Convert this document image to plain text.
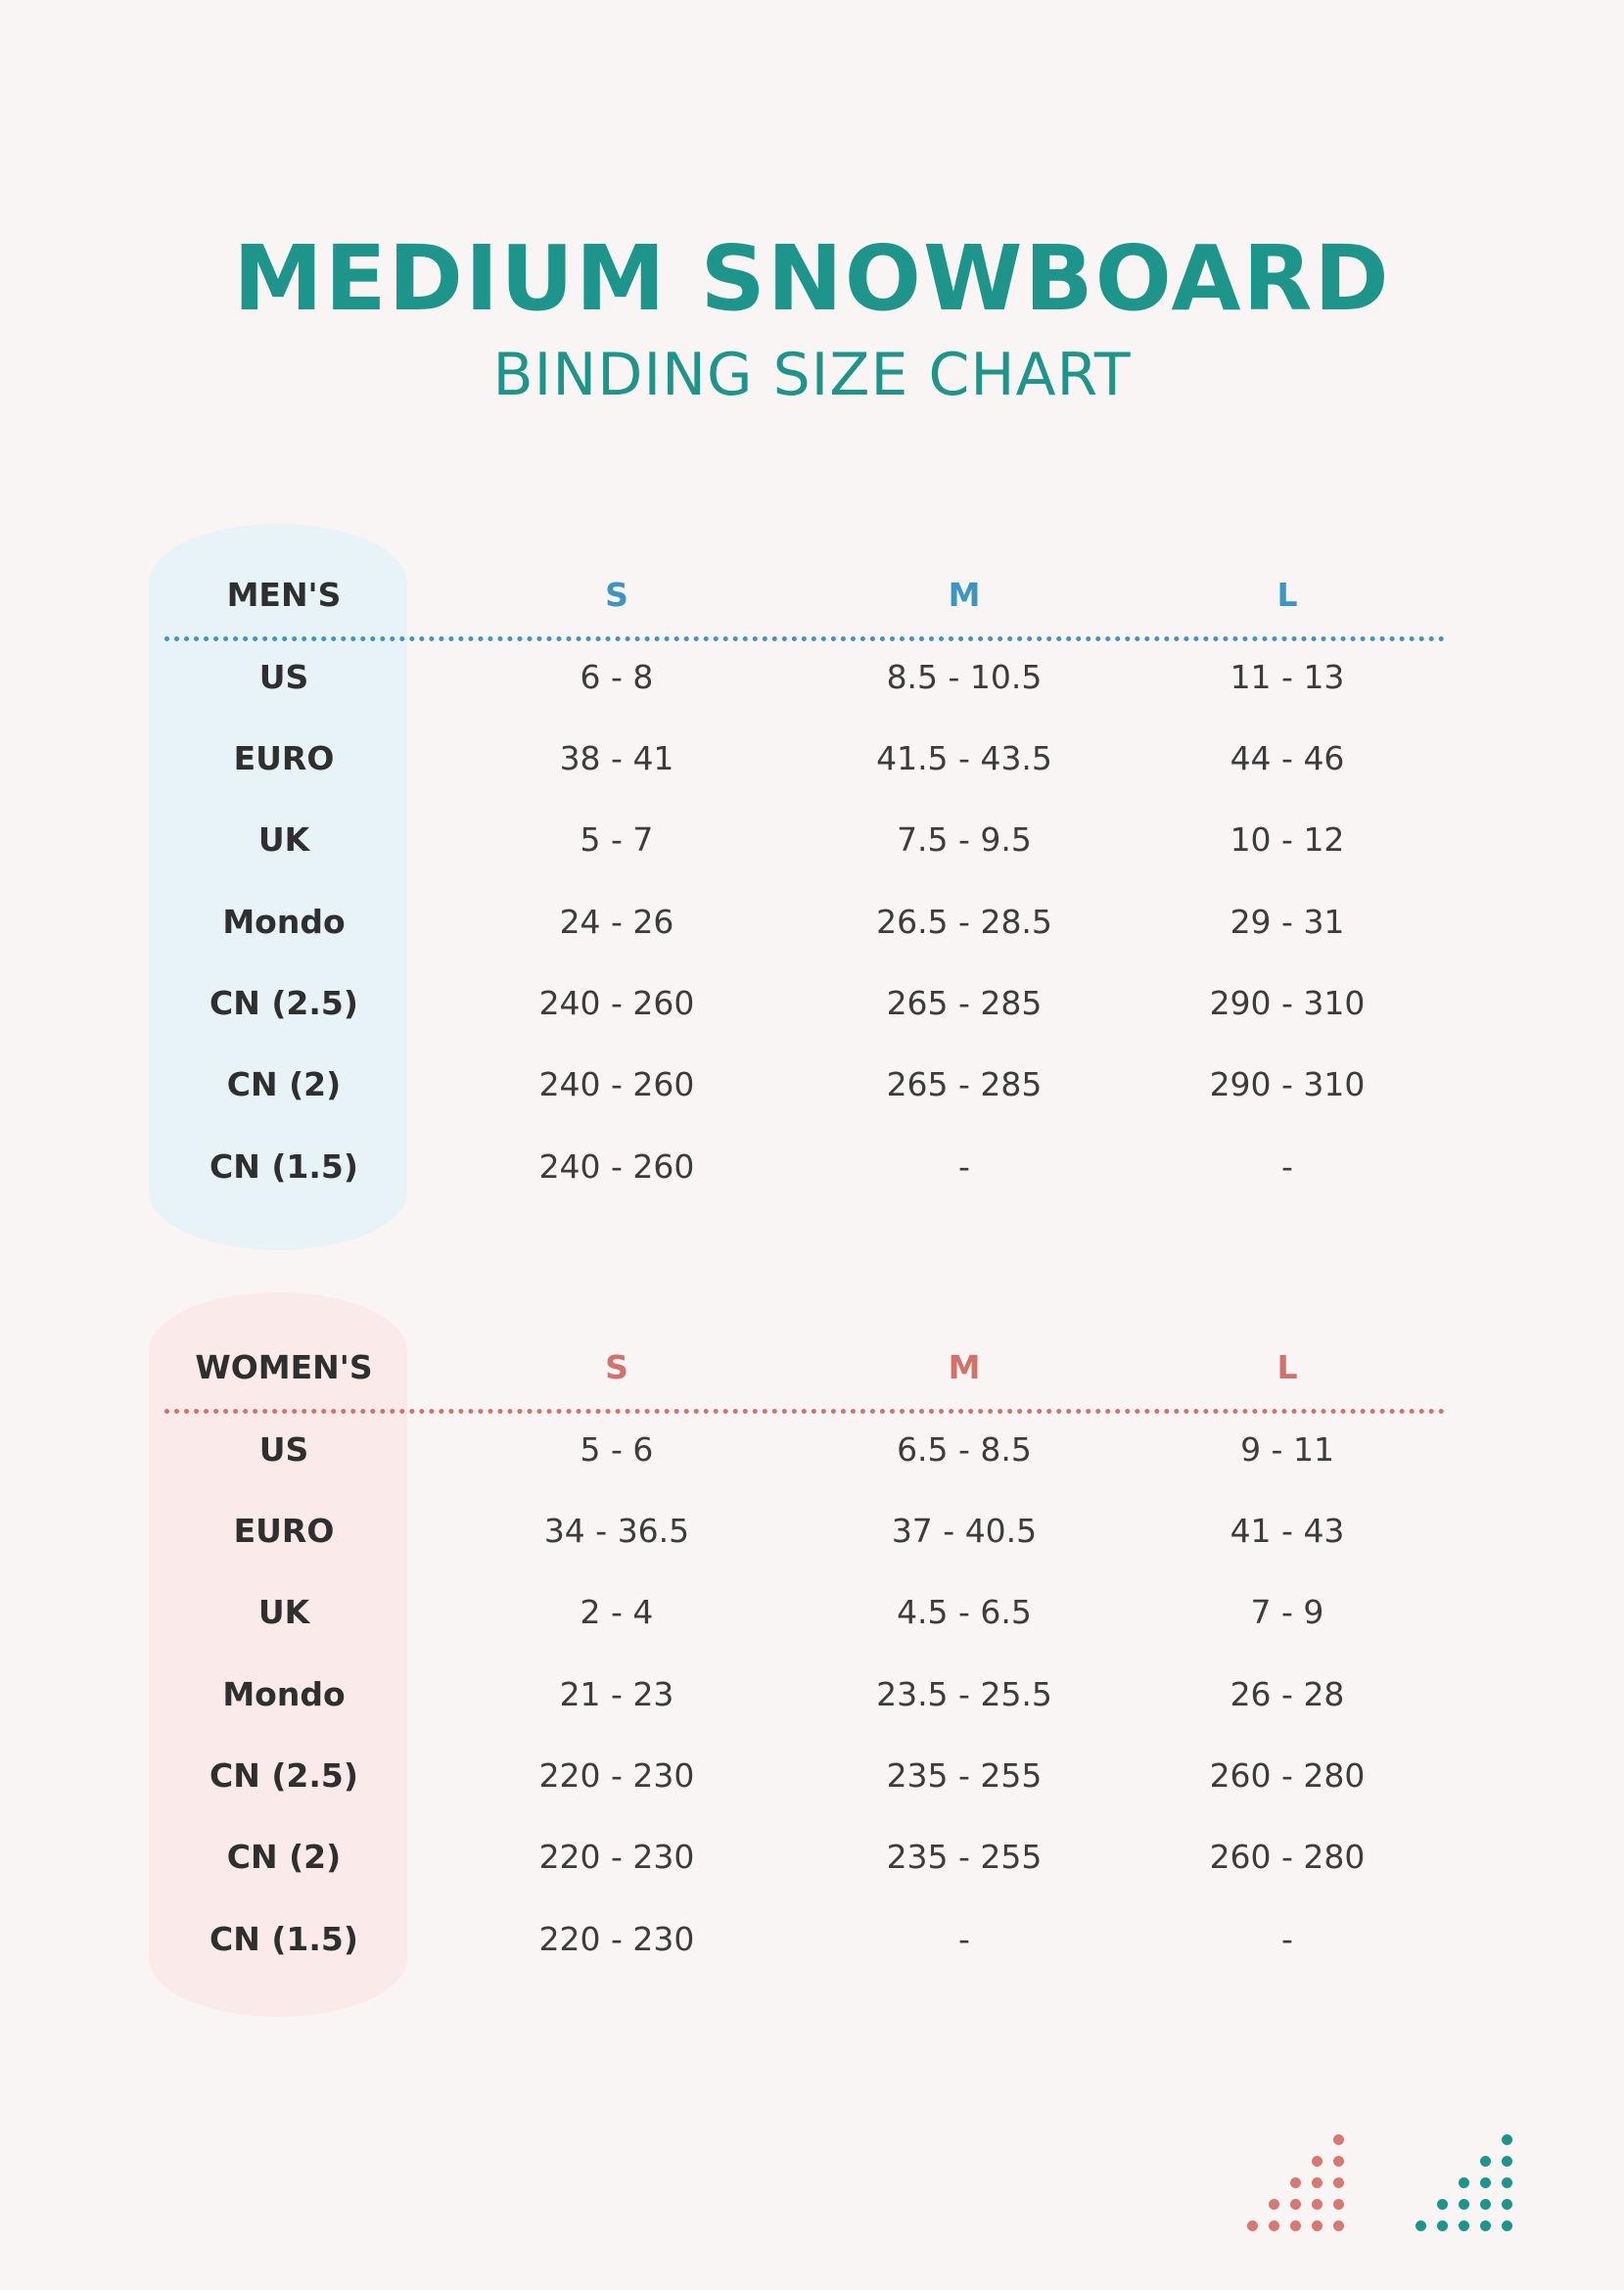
MEDIUM SNOWBOARD
BINDING SIZE CHART
MEN'S	S	M	L
US	6 - 8	8.5 - 10.5	11 - 13
EURO	38 - 41	41.5 - 43.5	44 - 46
UK	5 - 7	7.5 - 9.5	10 - 12
Mondo	24 - 26	26.5 - 28.5	29 - 31
CN (2.5)	240 - 260	265 - 285	290 - 310
CN (2)	240 - 260	265 - 285	290 - 310
CN (1.5)	240 - 260	-	-
WOMEN'S	S	M	L
US	5 - 6	6.5 - 8.5	9 - 11
EURO	34 - 36.5	37 - 40.5	41 - 43
UK	2 - 4	4.5 - 6.5	7 - 9
Mondo	21 - 23	23.5 - 25.5	26 - 28
CN (2.5)	220 - 230	235 - 255	260 - 280
CN (2)	220 - 230	235 - 255	260 - 280
CN (1.5)	220 - 230	-	-
